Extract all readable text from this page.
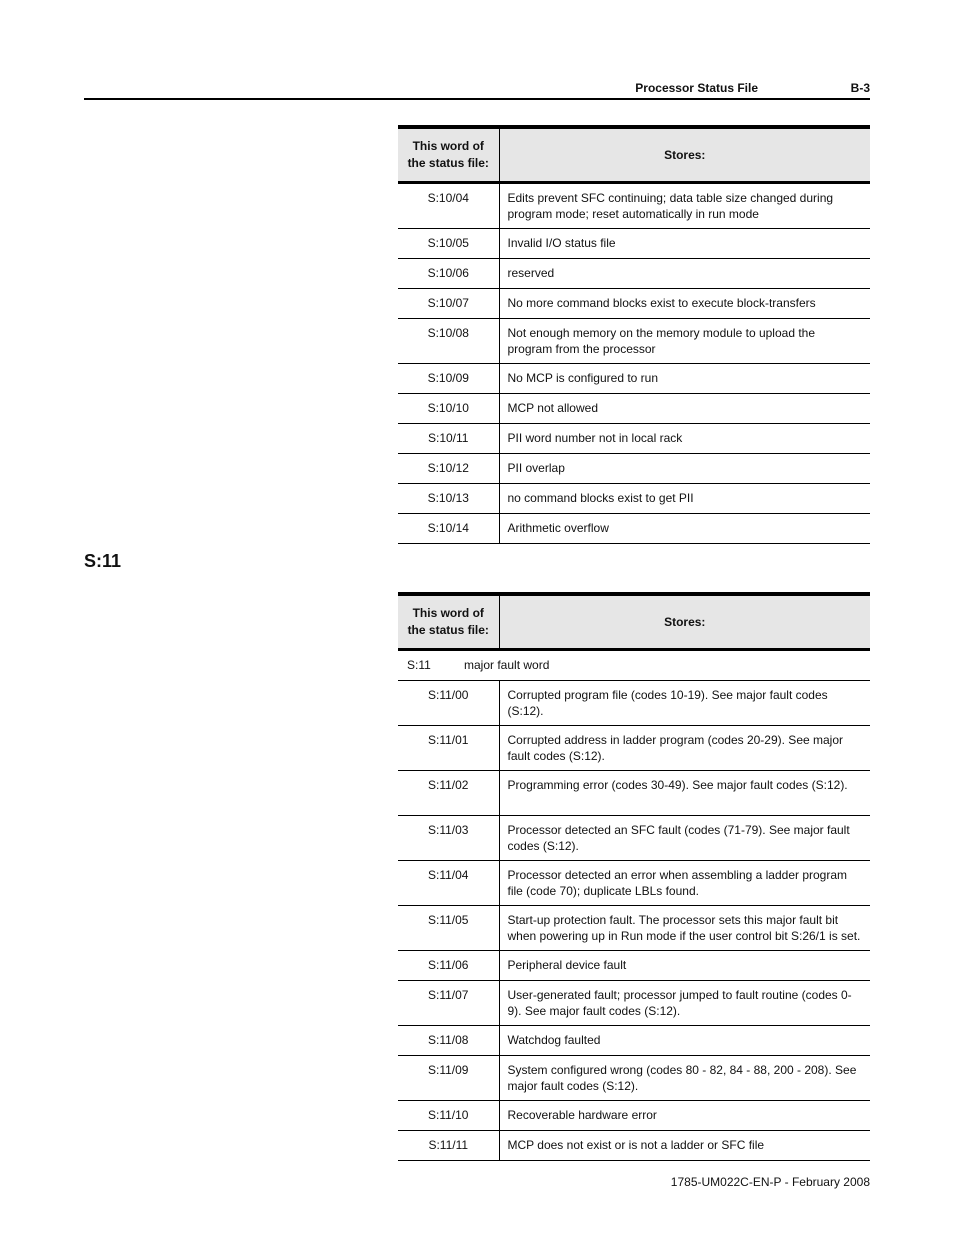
Processor Status File	B-3
This word of the status file:	Stores:
S:10/04	Edits prevent SFC continuing; data table size changed during program mode; reset automatically in run mode
S:10/05	Invalid I/O status file
S:10/06	reserved
S:10/07	No more command blocks exist to execute block-transfers
S:10/08	Not enough memory on the memory module to upload the program from the processor
S:10/09	No MCP is configured to run
S:10/10	MCP not allowed
S:10/11	PII word number not in local rack
S:10/12	PII overlap
S:10/13	no command blocks exist to get PII
S:10/14	Arithmetic overflow
S:11
This word of the status file:	Stores:
S:11 major fault word	
S:11/00	Corrupted program file (codes 10-19). See major fault codes (S:12).
S:11/01	Corrupted address in ladder program (codes 20-29). See major fault codes (S:12).
S:11/02	Programming error (codes 30-49). See major fault codes (S:12).
S:11/03	Processor detected an SFC fault (codes (71-79). See major fault codes (S:12).
S:11/04	Processor detected an error when assembling a ladder program file (code 70); duplicate LBLs found.
S:11/05	Start-up protection fault. The processor sets this major fault bit when powering up in Run mode if the user control bit S:26/1 is set.
S:11/06	Peripheral device fault
S:11/07	User-generated fault; processor jumped to fault routine (codes 0-9). See major fault codes (S:12).
S:11/08	Watchdog faulted
S:11/09	System configured wrong (codes 80 - 82, 84 - 88, 200 - 208). See major fault codes (S:12).
S:11/10	Recoverable hardware error
S:11/11	MCP does not exist or is not a ladder or SFC file
1785-UM022C-EN-P - February 2008
